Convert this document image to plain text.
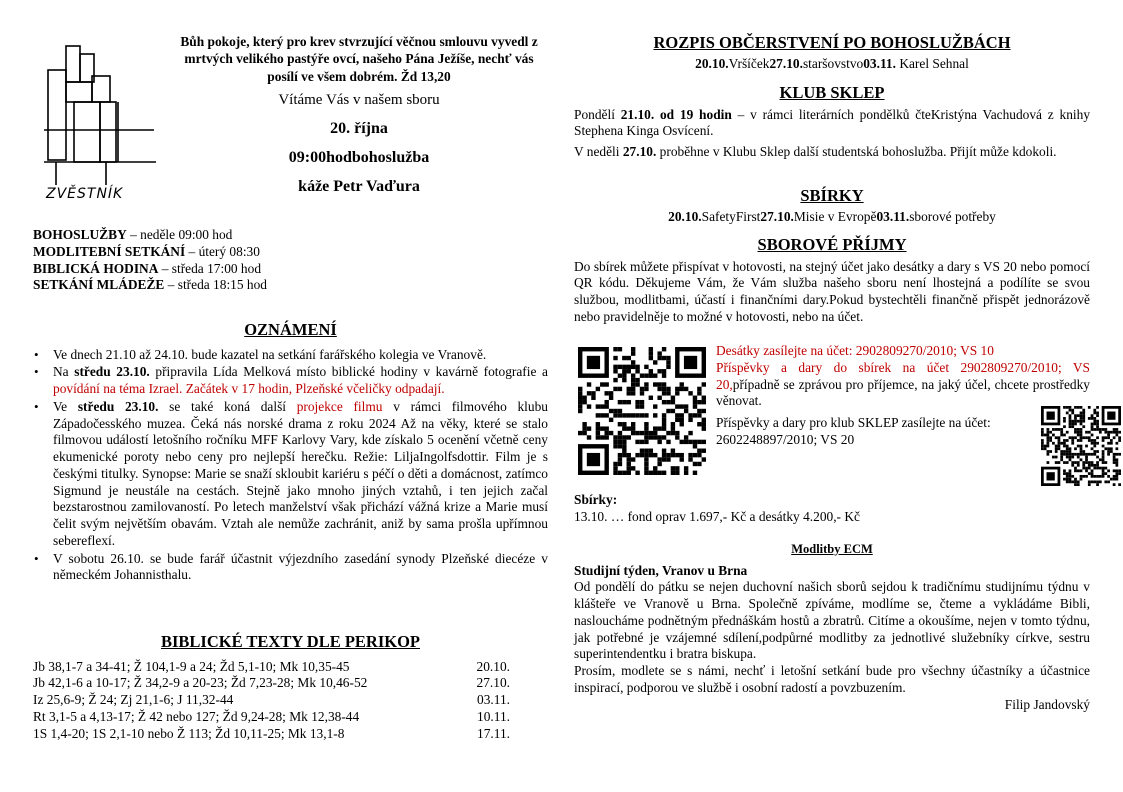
ZVĚSTNÍK
Bůh pokoje, který pro krev stvrzující věčnou smlouvu vyvedl z mrtvých velikého pastýře ovcí, našeho Pána Ježíše, nechť vás posílí ve všem dobrém. Žd 13,20
Vítáme Vás v našem sboru
20. října
09:00hodbohoslužba
káže Petr Vaďura
BOHOSLUŽBY – neděle 09:00 hod
MODLITEBNÍ SETKÁNÍ – úterý 08:30
BIBLICKÁ HODINA – středa 17:00 hod
SETKÁNÍ MLÁDEŽE – středa 18:15 hod
OZNÁMENÍ
• Ve dnech 21.10 až 24.10. bude kazatel na setkání farářského kolegia ve Vranově.
• Na středu 23.10. připravila Lída Melková místo biblické hodiny v kavárně fotografie a povídání na téma Izrael. Začátek v 17 hodin, Plzeňské včeličky odpadají.
• Ve středu 23.10. se také koná další projekce filmu v rámci filmového klubu Západočesského muzea. Čeká nás norské drama z roku 2024 Až na věky, které se stalo filmovou událostí letošního ročníku MFF Karlovy Vary, kde získalo 5 ocenění včetně ceny ekumenické poroty nebo ceny pro nejlepší herečku. Režie: LiljaIngolfsdottir. Film je s českými titulky. Synopse: Marie se snaží skloubit kariéru s péčí o děti a domácnost, zatímco Sigmund je neustále na cestách. Stejně jako mnoho jiných vztahů, i ten jejich začal bezstarostnou zamilovaností. Po letech manželství však přichází vážná krize a Marie musí čelit svým největším obavám. Vztah ale nemůže zachránit, aniž by sama prošla upřímnou sebereflexí.
• V sobotu 26.10. se bude farář účastnit výjezdního zasedání synody Plzeňské diecéze v německém Johannisthalu.
BIBLICKÉ TEXTY DLE PERIKOP
Jb 38,1-7 a 34-41; Ž 104,1-9 a 24; Žd 5,1-10; Mk 10,35-45	20.10.
Jb 42,1-6 a 10-17; Ž 34,2-9 a 20-23; Žd 7,23-28; Mk 10,46-52	27.10.
Iz 25,6-9; Ž 24; Zj 21,1-6; J 11,32-44	03.11.
Rt 3,1-5 a 4,13-17; Ž 42 nebo 127; Žd 9,24-28; Mk 12,38-44	10.11.
1S 1,4-20; 1S 2,1-10 nebo Ž 113; Žd 10,11-25; Mk 13,1-8	17.11.
ROZPIS OBČERSTVENÍ PO BOHOSLUŽBÁCH
20.10.Vršíček27.10.staršovstvo03.11. Karel Sehnal
KLUB SKLEP
Pondělí 21.10. od 19 hodin – v rámci literárních pondělků čteKristýna Vachudová z knihy Stephena Kinga Osvícení.
V neděli 27.10. proběhne v Klubu Sklep další studentská bohoslužba. Přijít může kdokoli.
SBÍRKY
20.10.SafetyFirst27.10.Misie v Evropě03.11.sborové potřeby
SBOROVÉ PŘÍJMY
Do sbírek můžete přispívat v hotovosti, na stejný účet jako desátky a dary s VS 20 nebo pomocí QR kódu. Děkujeme Vám, že Vám služba našeho sboru není lhostejná a podílíte se svou službou, modlitbami, účastí i finančními dary.Pokud bystechtěli finančně přispět jednorázově nebo pravidelněje to možné v hotovosti, nebo na účet.
Desátky zasílejte na účet: 2902809270/2010; VS 10
Příspěvky a dary do sbírek na účet 2902809270/2010; VS 20,případně se zprávou pro příjemce, na jaký účel, chcete prostředky věnovat.
Příspěvky a dary pro klub SKLEP zasílejte na účet: 2602248897/2010; VS 20
Sbírky:
13.10. … fond oprav 1.697,- Kč a desátky 4.200,- Kč
Modlitby ECM
Studijní týden, Vranov u Brna
Od pondělí do pátku se nejen duchovní našich sborů sejdou k tradičnímu studijnímu týdnu v klášteře ve Vranově u Brna. Společně zpíváme, modlíme se, čteme a vykládáme Bibli, nasloucháme podnětným přednáškám hostů a zbratrů. Citíme a okoušíme, nejen v tomto týdnu, jak potřebné je vzájemné sdílení,podpůrné modlitby za jednotlivé služebníky církve, sestru superintendentku i bratra biskupa.
Prosím, modlete se s námi, nechť i letošní setkání bude pro všechny účastníky a účastnice inspirací, podporou ve službě i osobní radostí a povzbuzením.
Filip Jandovský
